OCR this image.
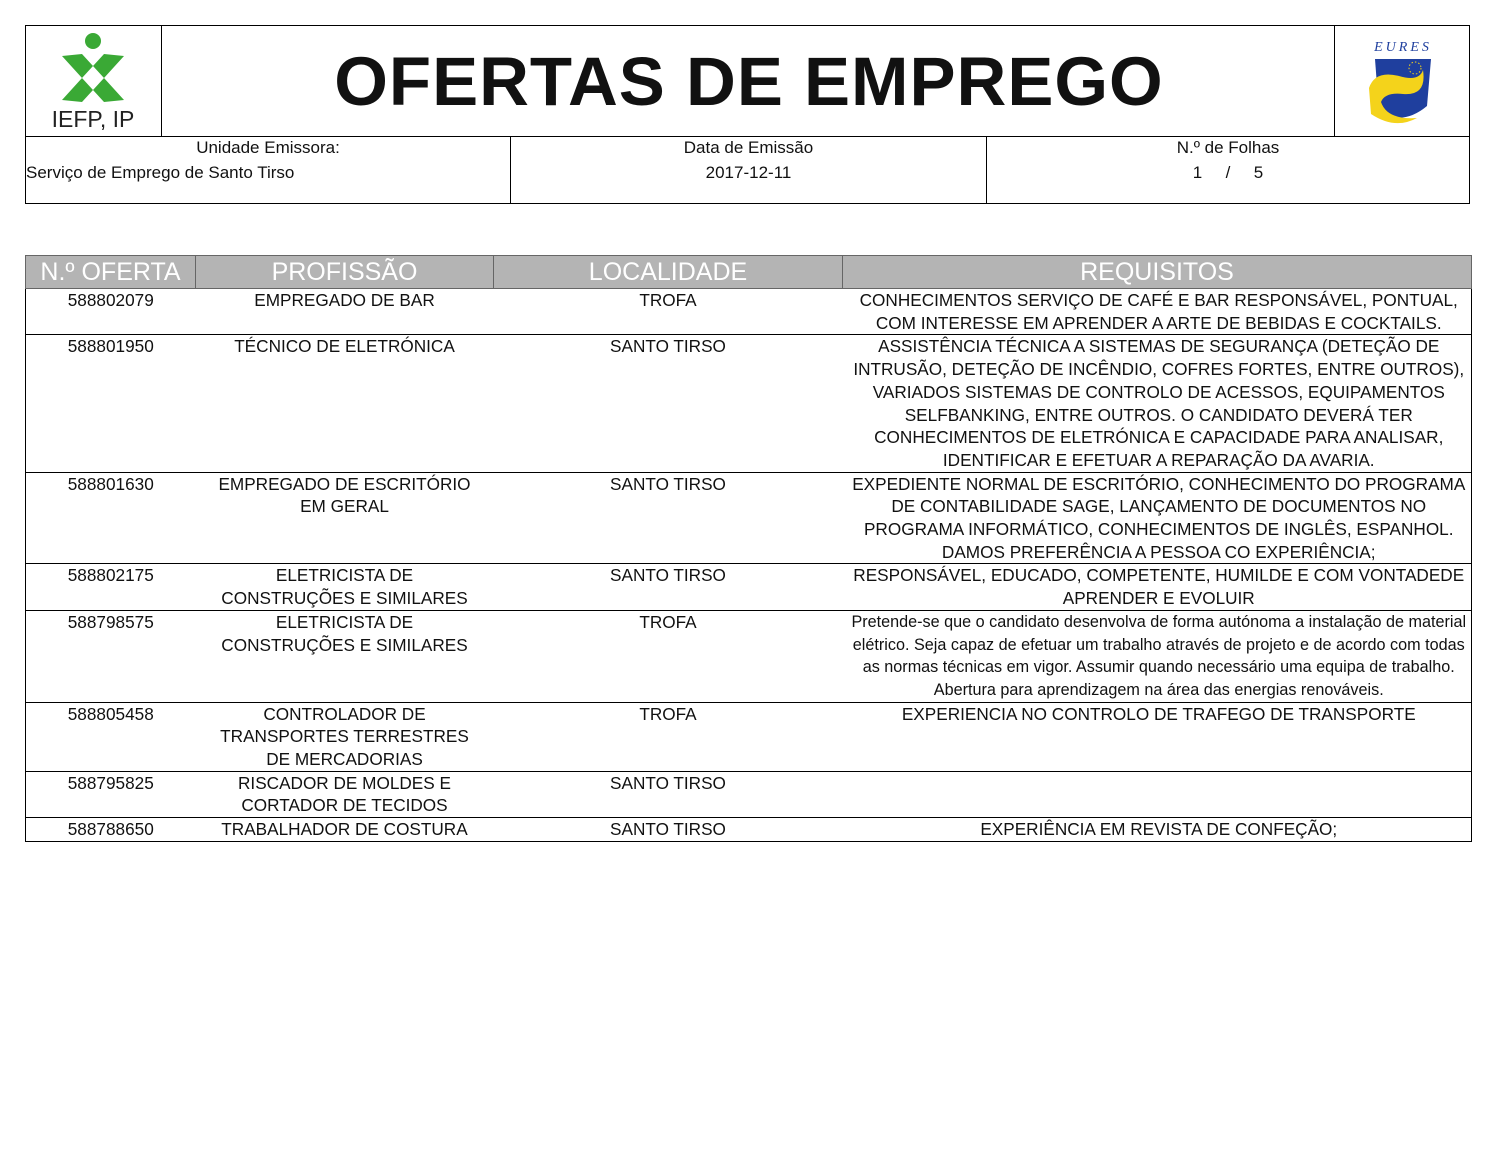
IEFP, IP	OFERTAS DE EMPREGO	EURES
Unidade Emissora:
Serviço de Emprego de Santo Tirso
Data de Emissão
2017-12-11
N.º de Folhas
1 / 5
N.º OFERTA	PROFISSÃO	LOCALIDADE	REQUISITOS
588802079	EMPREGADO DE BAR	TROFA	CONHECIMENTOS SERVIÇO DE CAFÉ E BAR RESPONSÁVEL, PONTUAL, COM INTERESSE EM APRENDER A ARTE DE BEBIDAS E COCKTAILS.
588801950	TÉCNICO DE ELETRÓNICA	SANTO TIRSO	ASSISTÊNCIA TÉCNICA A SISTEMAS DE SEGURANÇA (DETEÇÃO DE INTRUSÃO, DETEÇÃO DE INCÊNDIO, COFRES FORTES, ENTRE OUTROS), VARIADOS SISTEMAS DE CONTROLO DE ACESSOS, EQUIPAMENTOS SELFBANKING, ENTRE OUTROS. O CANDIDATO DEVERÁ TER CONHECIMENTOS DE ELETRÓNICA E CAPACIDADE PARA ANALISAR, IDENTIFICAR E EFETUAR A REPARAÇÃO DA AVARIA.
588801630	EMPREGADO DE ESCRITÓRIO EM GERAL	SANTO TIRSO	EXPEDIENTE NORMAL DE ESCRITÓRIO, CONHECIMENTO DO PROGRAMA DE CONTABILIDADE SAGE, LANÇAMENTO DE DOCUMENTOS NO PROGRAMA INFORMÁTICO, CONHECIMENTOS DE INGLÊS, ESPANHOL. DAMOS PREFERÊNCIA A PESSOA CO EXPERIÊNCIA;
588802175	ELETRICISTA DE CONSTRUÇÕES E SIMILARES	SANTO TIRSO	RESPONSÁVEL, EDUCADO, COMPETENTE, HUMILDE E COM VONTADEDE APRENDER E EVOLUIR
588798575	ELETRICISTA DE CONSTRUÇÕES E SIMILARES	TROFA	Pretende-se que o candidato desenvolva de forma autónoma a instalação de material elétrico. Seja capaz de efetuar um trabalho através de projeto e de acordo com todas as normas técnicas em vigor. Assumir quando necessário uma equipa de trabalho. Abertura para aprendizagem na área das energias renováveis.
588805458	CONTROLADOR DE TRANSPORTES TERRESTRES DE MERCADORIAS	TROFA	EXPERIENCIA NO CONTROLO DE TRAFEGO DE TRANSPORTE
588795825	RISCADOR DE MOLDES E CORTADOR DE TECIDOS	SANTO TIRSO	
588788650	TRABALHADOR DE COSTURA	SANTO TIRSO	EXPERIÊNCIA EM REVISTA DE CONFEÇÃO;
